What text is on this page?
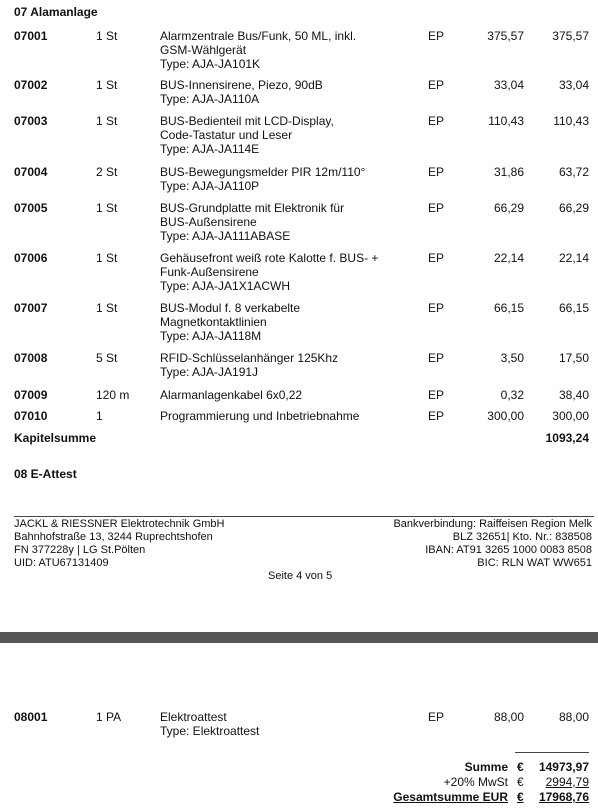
07 Alamanlage
07001	1 St	Alarmzentrale Bus/Funk, 50 ML, inkl.
GSM-Wählgerät
Type: AJA-JA101K
EP	375,57 375,57
07002	1 St	BUS-Innensirene, Piezo, 90dB
Type: AJA-JA110A
EP	33,04	33,04
07003	1 St	BUS-Bedienteil mit LCD-Display,
Code-Tastatur und Leser
Type: AJA-JA114E
EP	110,43 110,43
07004	2 St	BUS-Bewegungsmelder PIR 12m/110°
Type: AJA-JA110P
EP	31,86	63,72
07005	1 St	BUS-Grundplatte mit Elektronik für
BUS-Außensirene
Type: AJA-JA111ABASE
EP	66,29	66,29
07006	1 St	Gehäusefront weiß rote Kalotte f. BUS- +
Funk-Außensirene
Type: AJA-JA1X1ACWH
EP	22,14	22,14
07007	1 St	BUS-Modul f. 8 verkabelte
Magnetkontaktlinien
Type: AJA-JA118M
EP	66,15	66,15
07008	5 St	RFID-Schlüsselanhänger 125Khz
Type: AJA-JA191J
EP	3,50	17,50
07009	120 m	Alarmanlagenkabel 6x0,22	EP	0,32	38,40
07010	1	Programmierung und Inbetriebnahme	EP	300,00 300,00
Kapitelsumme	1093,24
08 E-Attest
JACKL & RIESSNER Elektrotechnik GmbH
Bahnhofstraße 13, 3244 Ruprechtshofen
FN 377228y | LG St.Pölten
UID: ATU67131409
Bankverbindung: Raiffeisen Region Melk
BLZ 32651| Kto. Nr.: 838508
IBAN: AT91 3265 1000 0083 8508
BIC: RLN WAT WW651
Seite 4 von 5
08001	1 PA	Elektroattest
Type: Elektroattest
EP	88,00	88,00
Summe € 14973,97
+20% MwSt € 2994,79
Gesamtsumme EUR € 17968,76
